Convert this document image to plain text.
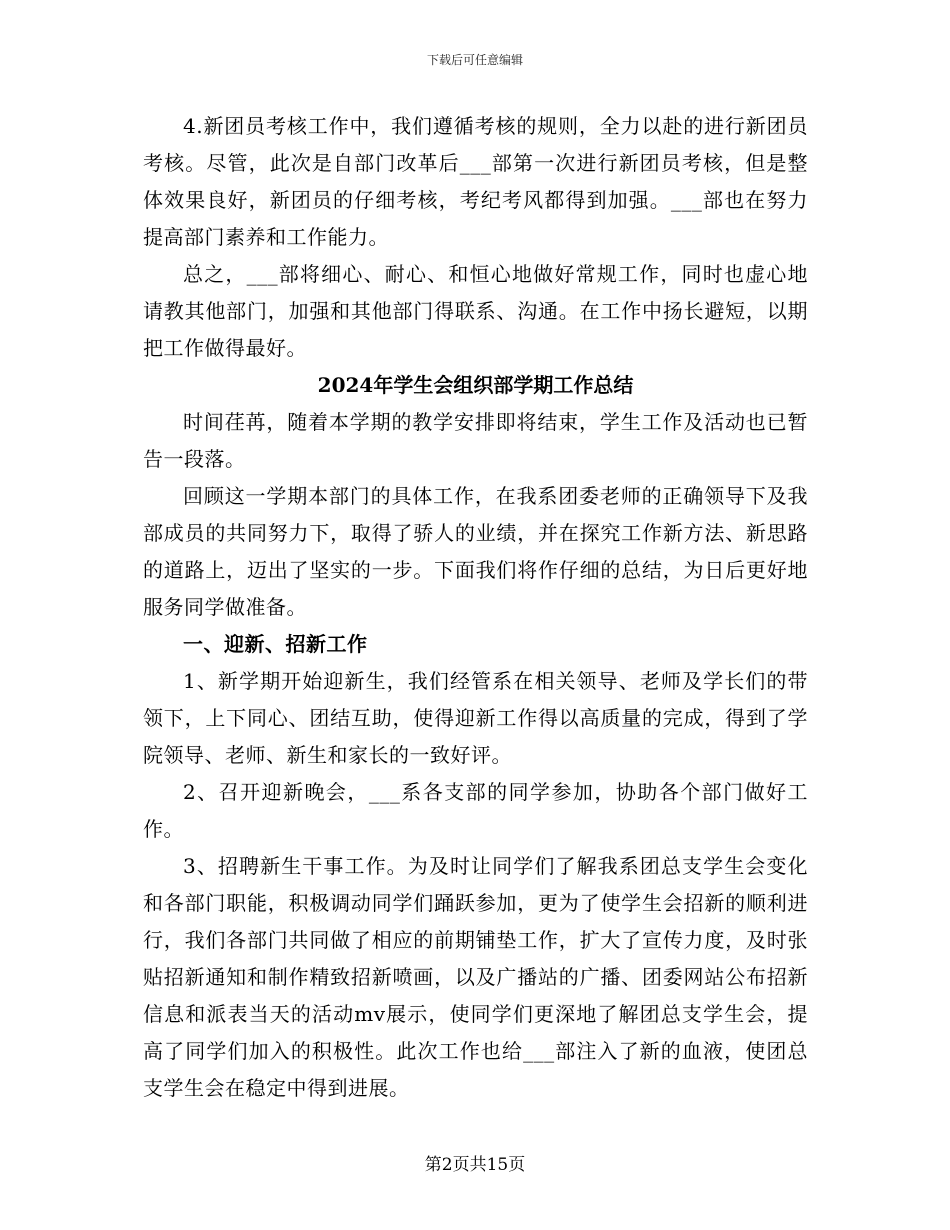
下载后可任意编辑

4.新团员考核工作中，我们遵循考核的规则，全力以赴的进行新团员考核。尽管，此次是自部门改革后___部第一次进行新团员考核，但是整体效果良好，新团员的仔细考核，考纪考风都得到加强。___部也在努力提高部门素养和工作能力。

总之，___部将细心、耐心、和恒心地做好常规工作，同时也虚心地请教其他部门，加强和其他部门得联系、沟通。在工作中扬长避短，以期把工作做得最好。

2024年学生会组织部学期工作总结

时间荏苒，随着本学期的教学安排即将结束，学生工作及活动也已暂告一段落。

回顾这一学期本部门的具体工作，在我系团委老师的正确领导下及我部成员的共同努力下，取得了骄人的业绩，并在探究工作新方法、新思路的道路上，迈出了坚实的一步。下面我们将作仔细的总结，为日后更好地服务同学做准备。

一、迎新、招新工作

1、新学期开始迎新生，我们经管系在相关领导、老师及学长们的带领下，上下同心、团结互助，使得迎新工作得以高质量的完成，得到了学院领导、老师、新生和家长的一致好评。

2、召开迎新晚会，___系各支部的同学参加，协助各个部门做好工作。

3、招聘新生干事工作。为及时让同学们了解我系团总支学生会变化和各部门职能，积极调动同学们踊跃参加，更为了使学生会招新的顺利进行，我们各部门共同做了相应的前期铺垫工作，扩大了宣传力度，及时张贴招新通知和制作精致招新喷画，以及广播站的广播、团委网站公布招新信息和派表当天的活动mv展示，使同学们更深地了解团总支学生会，提高了同学们加入的积极性。此次工作也给___部注入了新的血液，使团总支学生会在稳定中得到进展。

第2页共15页
